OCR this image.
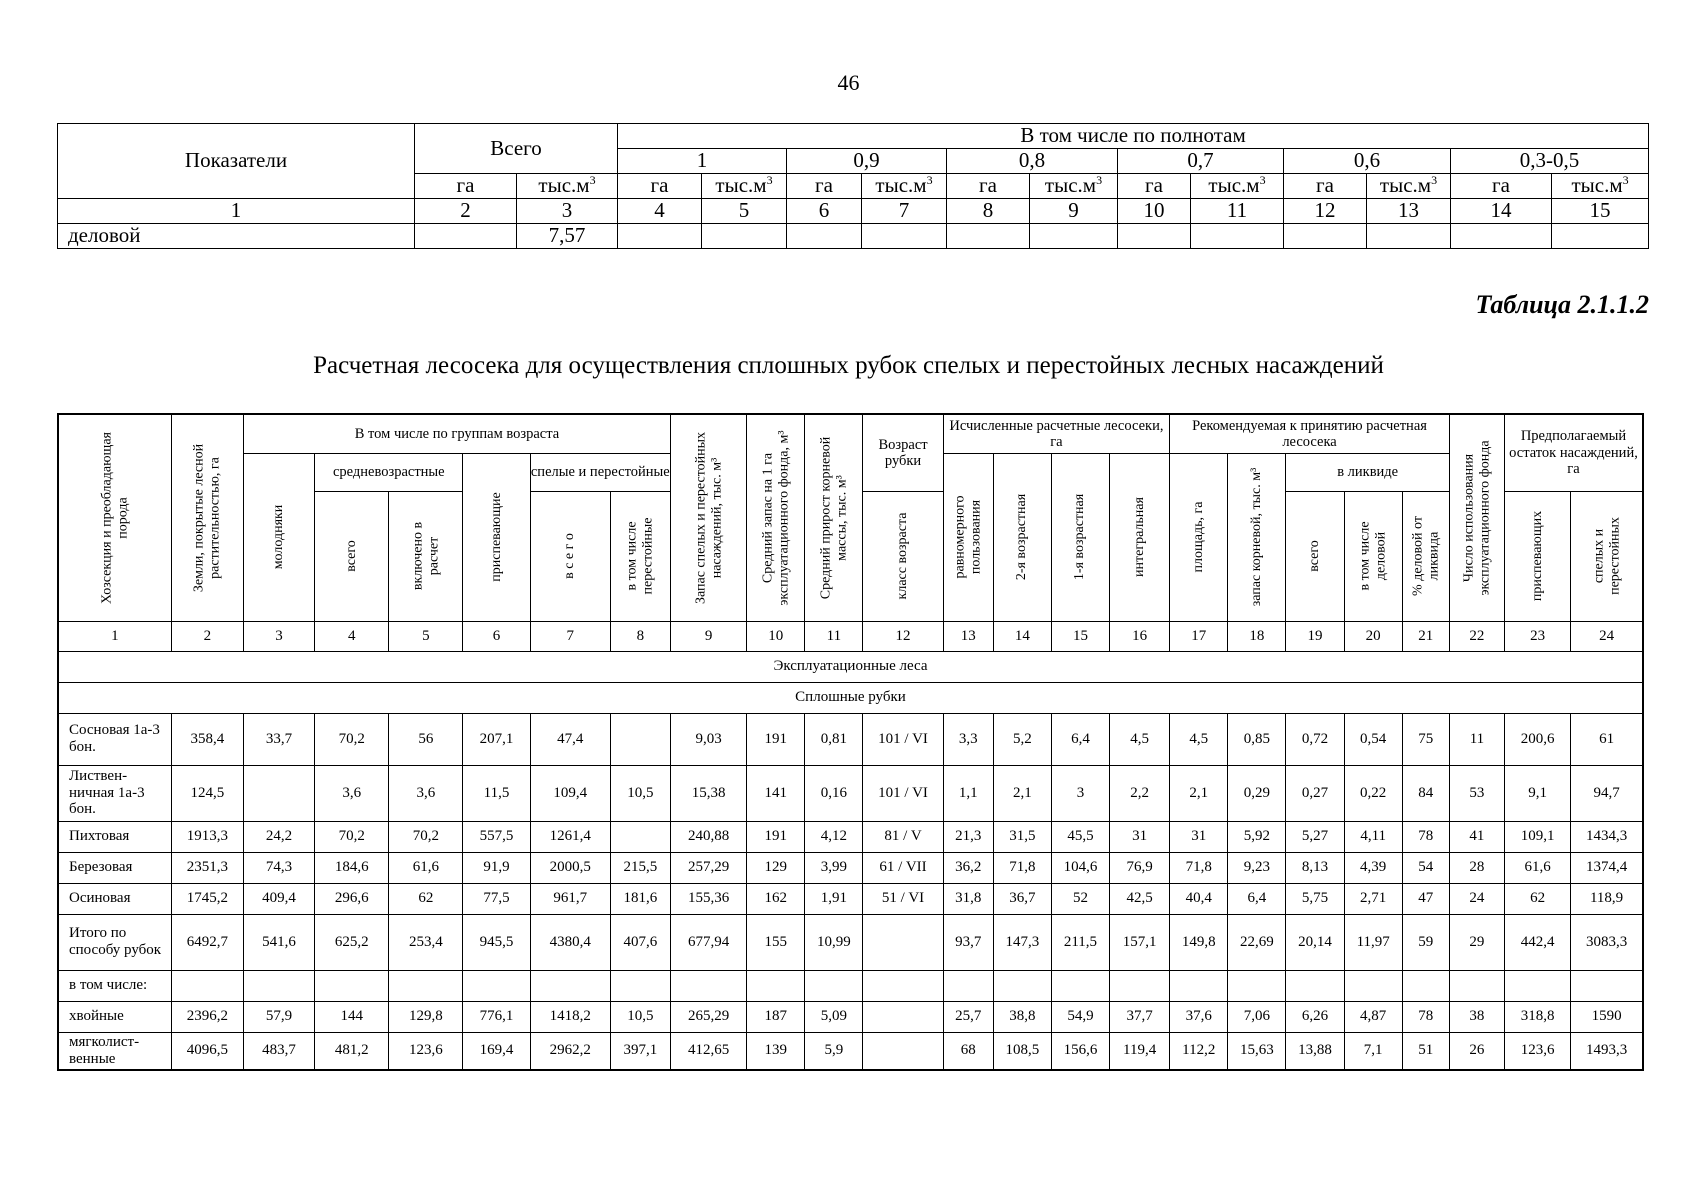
46
Показатели	Всего		В том числе по полнотам											
			1		0,9		0,8		0,7		0,6		0,3-0,5	
	га	$тыс.м^3$	га	$тыс.м^3$	га	$тыс.м^3$	га	$тыс.м^3$	га	$тыс.м^3$	га	$тыс.м^3$	га	$тыс.м^3$
1	2	3	4	5	6	7	8	9	10	11	12	13	14	15
деловой		7,57												
Таблица 2.1.1.2
Расчетная лесосека для осуществления сплошных рубок спелых и перестойных лесных насаждений
Хозсекция и преобладающая порода	Земли, покрытые лесной растительностью, га	В том числе по группам возраста						Запас спелых и перестойных насаждений, тыс. м³	Средний запас на 1 га эксплуатационного фонда, м³	Средний прирост корневой массы, тыс. м³	Возраст рубки	Исчисленные расчетные лесосеки, га				Рекомендуемая к принятию расчетная лесосека					Число использования эксплуатационного фонда	Предполагаемый остаток насаждений, га	

		молодняки	средневозрастные		приспевающие	спелые и перестойные						равномерного пользования	2-я возрастная	1-я возрастная	интегральная	площадь, га	запас корневой, тыс. м³	в ликвиде					

			всего	включено в расчет		в с е г о	в том числе перестойные				класс возраста							всего	в том числе деловой	% деловой от ликвида		приспевающих	спелых и перестойных

1	2	3	4	5	6	7	8	9	10	11	12	13	14	15	16	17	18	19	20	21	22	23	24
Эксплуатационные леса																							
Сплошные рубки																							
Сосновая 1а-3 бон.	358,4	33,7	70,2	56	207,1	47,4		9,03	191	0,81	101 / VI	3,3	5,2	6,4	4,5	4,5	0,85	0,72	0,54	75	11	200,6	61
Листвен-ничная 1а-3 бон.	124,5		3,6	3,6	11,5	109,4	10,5	15,38	141	0,16	101 / VI	1,1	2,1	3	2,2	2,1	0,29	0,27	0,22	84	53	9,1	94,7
Пихтовая	1913,3	24,2	70,2	70,2	557,5	1261,4		240,88	191	4,12	81 / V	21,3	31,5	45,5	31	31	5,92	5,27	4,11	78	41	109,1	1434,3
Березовая	2351,3	74,3	184,6	61,6	91,9	2000,5	215,5	257,29	129	3,99	61 / VII	36,2	71,8	104,6	76,9	71,8	9,23	8,13	4,39	54	28	61,6	1374,4
Осиновая	1745,2	409,4	296,6	62	77,5	961,7	181,6	155,36	162	1,91	51 / VI	31,8	36,7	52	42,5	40,4	6,4	5,75	2,71	47	24	62	118,9
Итого по способу рубок	6492,7	541,6	625,2	253,4	945,5	4380,4	407,6	677,94	155	10,99		93,7	147,3	211,5	157,1	149,8	22,69	20,14	11,97	59	29	442,4	3083,3
в том числе:																							
хвойные	2396,2	57,9	144	129,8	776,1	1418,2	10,5	265,29	187	5,09		25,7	38,8	54,9	37,7	37,6	7,06	6,26	4,87	78	38	318,8	1590
мягколист-венные	4096,5	483,7	481,2	123,6	169,4	2962,2	397,1	412,65	139	5,9		68	108,5	156,6	119,4	112,2	15,63	13,88	7,1	51	26	123,6	1493,3
